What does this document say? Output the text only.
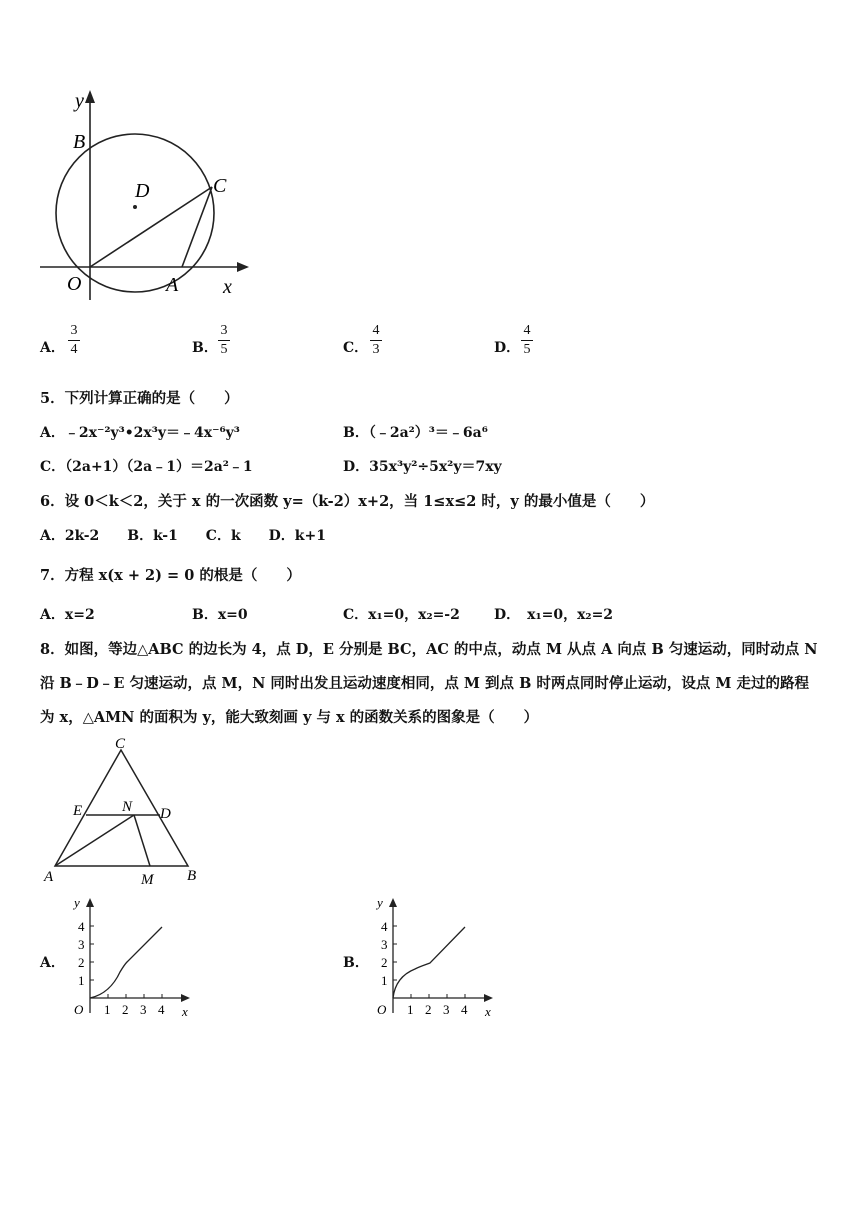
y
B
D	C
O	A x
A．
3
4	B．
3
5	C．
4
3	D．
4
5
5．下列计算正确的是（　　）
A．﹣2x⁻²y³•2x³y＝﹣4x⁻⁶y³	B．（﹣2a²）³＝﹣6a⁶
C．（2a+1）（2a﹣1）＝2a²﹣1	D．35x³y²÷5x²y＝7xy
6．设 0＜k＜2，关于 x 的一次函数 y=（k-2）x+2，当 1≤x≤2 时，y 的最小值是（　　）
A．2k-2　　B．k-1　　C．k　　D．k+1
7．方程 x(x + 2) = 0 的根是（　　）
A．x=2	B．x=0	C．x₁=0，x₂=-2 D．　x₁=0，x₂=2
8．如图，等边△ABC 的边长为 4，点 D，E 分别是 BC，AC 的中点，动点 M 从点 A 向点 B 匀速运动，同时动点 N
沿 B﹣D﹣E 匀速运动，点 M，N 同时出发且运动速度相同，点 M 到点 B 时两点同时停止运动，设点 M 走过的路程
为 x，△AMN 的面积为 y，能大致刻画 y 与 x 的函数关系的图象是（　　）
C
E	N D
A	M B
A．
y
1
2
3
4
O 1 2 3 4 x
B．
y
1
2
3
4
O 1 2 3 4 x
